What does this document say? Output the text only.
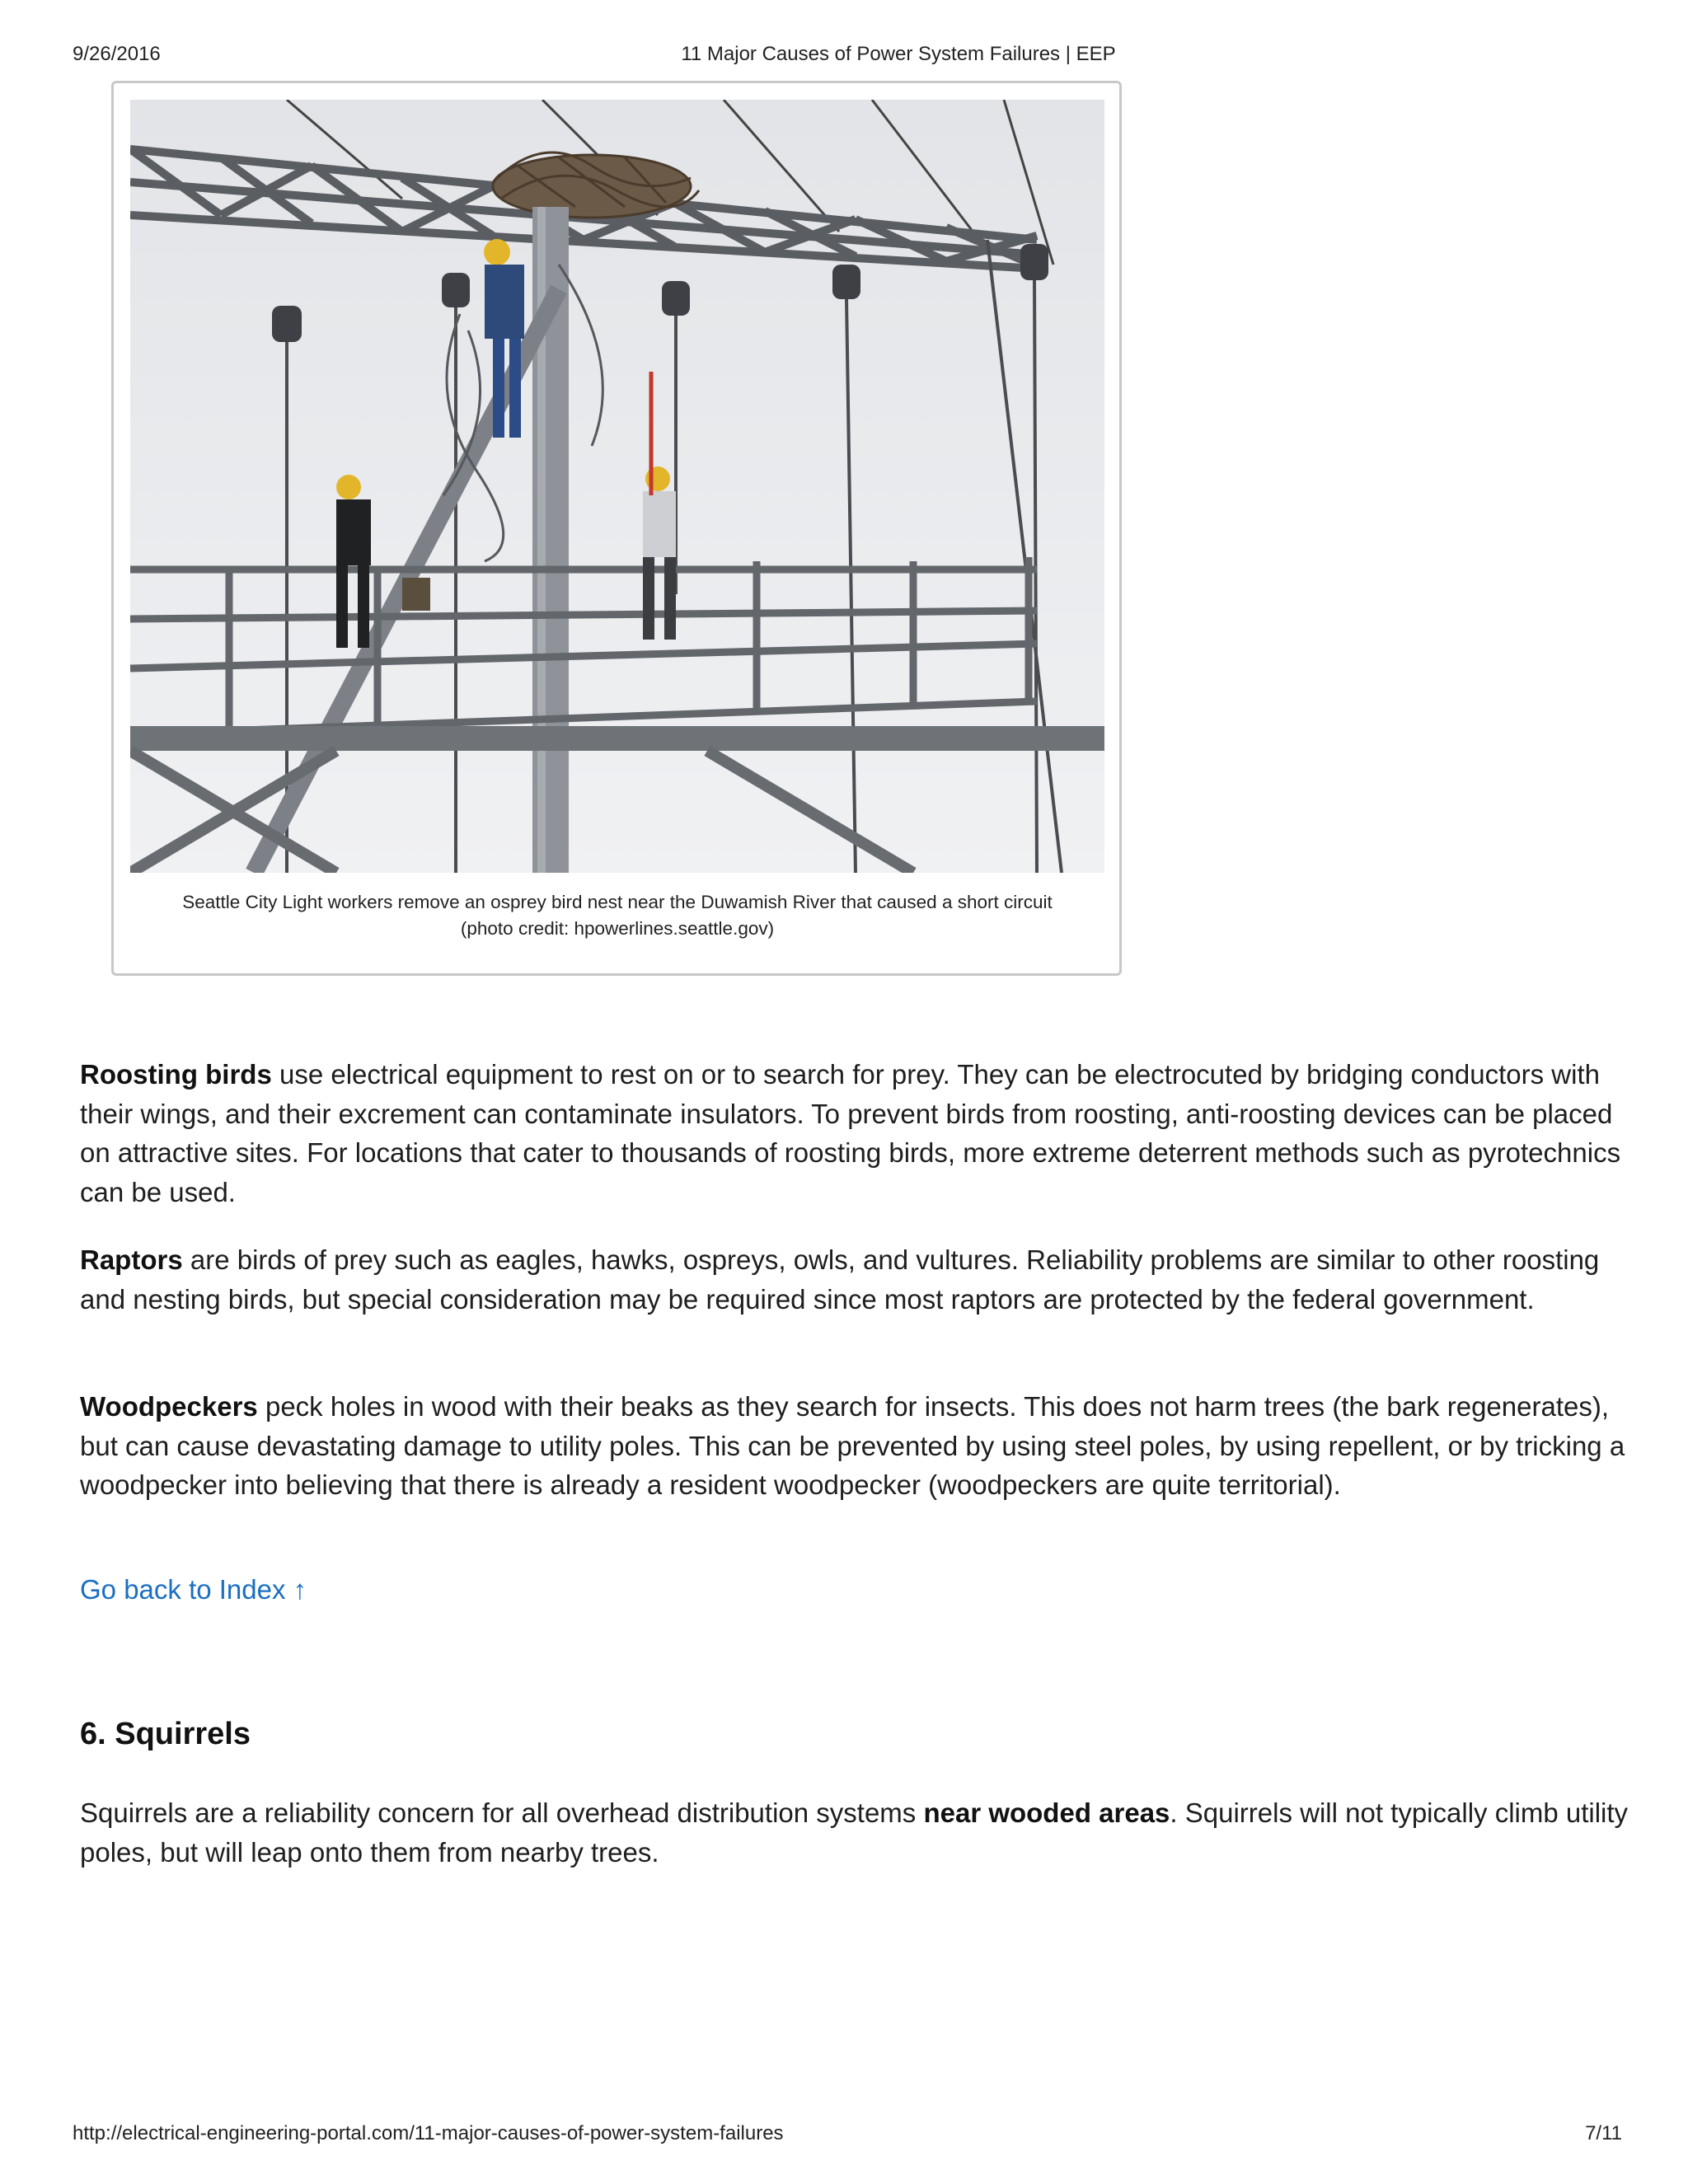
9/26/2016	11 Major Causes of Power System Failures | EEP
Seattle City Light workers remove an osprey bird nest near the Duwamish River that caused a short circuit
(photo credit: hpowerlines.seattle.gov)

Roosting birds use electrical equipment to rest on or to search for prey. They can be electrocuted by bridging conductors with their wings, and their excrement can contaminate insulators. To prevent birds from roosting, anti-roosting devices can be placed on attractive sites. For locations that cater to thousands of roosting birds, more extreme deterrent methods such as pyrotechnics can be used.

Raptors are birds of prey such as eagles, hawks, ospreys, owls, and vultures. Reliability problems are similar to other roosting and nesting birds, but special consideration may be required since most raptors are protected by the federal government.

Woodpeckers peck holes in wood with their beaks as they search for insects. This does not harm trees (the bark regenerates), but can cause devastating damage to utility poles. This can be prevented by using steel poles, by using repellent, or by tricking a woodpecker into believing that there is already a resident woodpecker (woodpeckers are quite territorial).

Go back to Index ↑
6. Squirrels

Squirrels are a reliability concern for all overhead distribution systems near wooded areas. Squirrels will not typically climb utility poles, but will leap onto them from nearby trees.

http://electrical-engineering-portal.com/11-major-causes-of-power-system-failures	7/11
